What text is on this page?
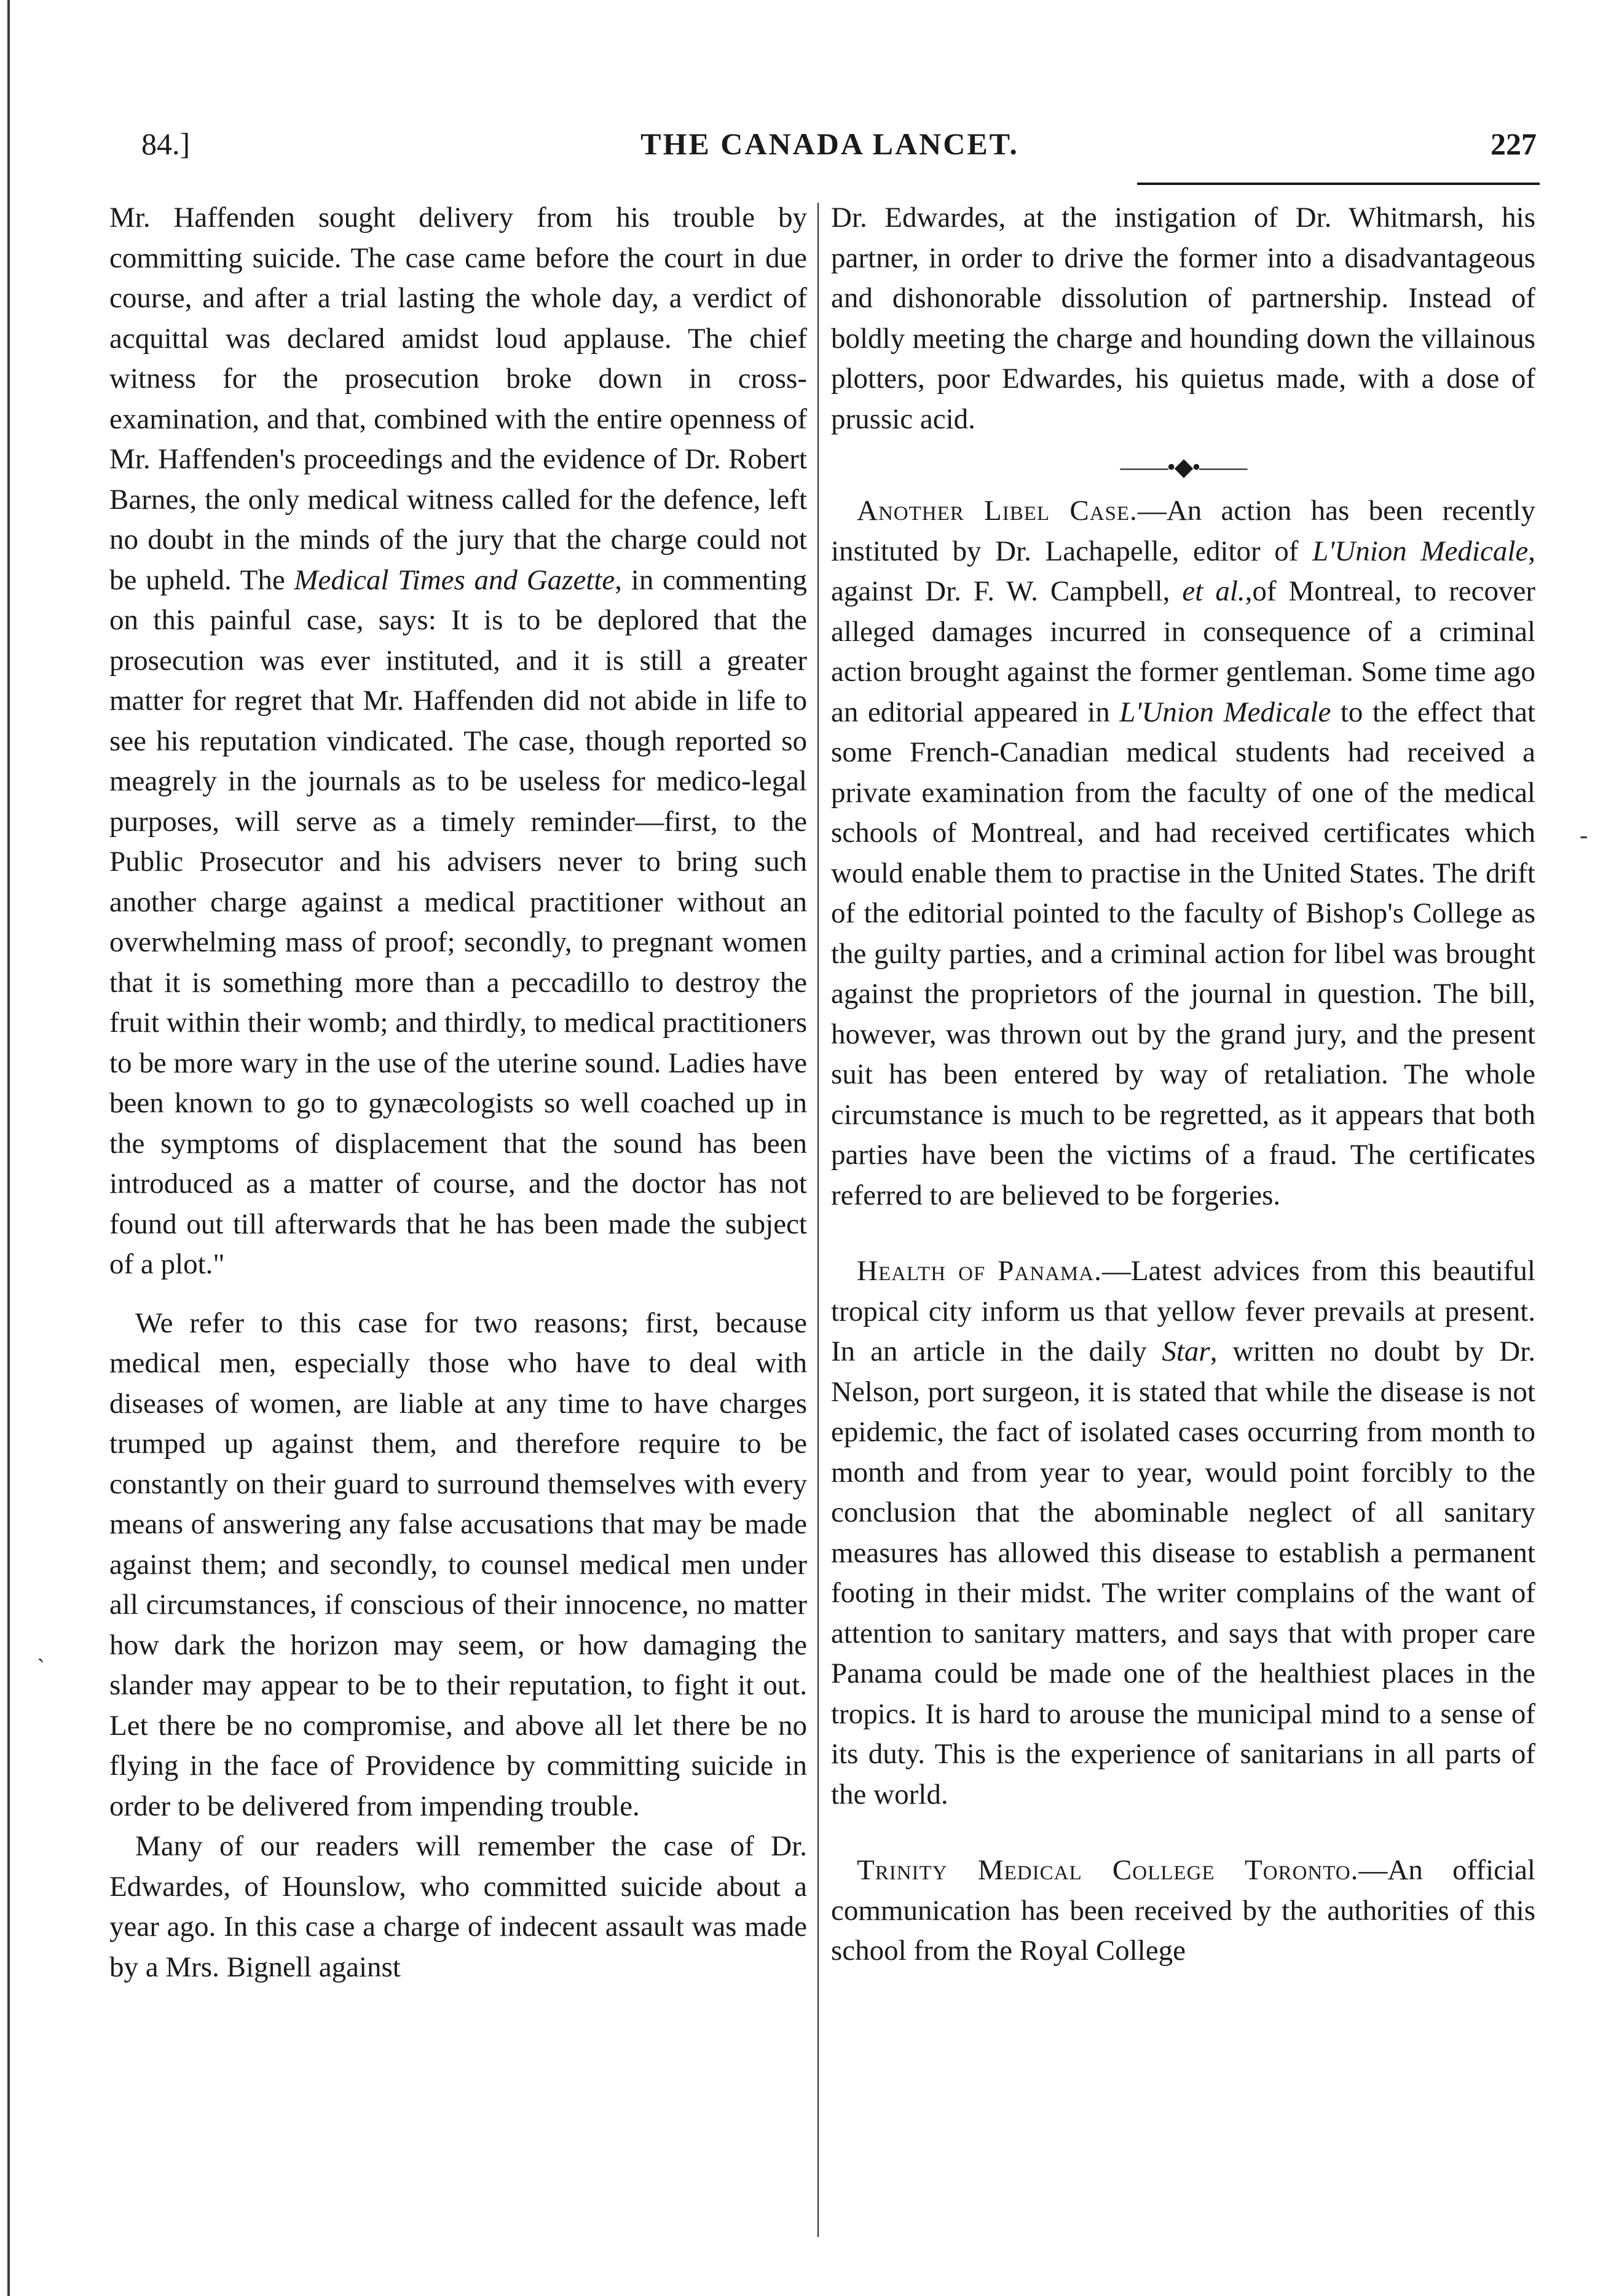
84.]	THE CANADA LANCET.	227

Mr. Haffenden sought delivery from his trouble by committing suicide. The case came before the court in due course, and after a trial lasting the whole day, a verdict of acquittal was declared amidst loud applause. The chief witness for the prosecution broke down in cross-examination, and that, combined with the entire openness of Mr. Haffenden's proceedings and the evidence of Dr. Robert Barnes, the only medical witness called for the defence, left no doubt in the minds of the jury that the charge could not be upheld. The Medical Times and Gazette, in commenting on this painful case, says: It is to be deplored that the prosecution was ever instituted, and it is still a greater matter for regret that Mr. Haffenden did not abide in life to see his reputation vindicated. The case, though reported so meagrely in the journals as to be useless for medico-legal purposes, will serve as a timely reminder—first, to the Public Prosecutor and his advisers never to bring such another charge against a medical practitioner without an overwhelming mass of proof; secondly, to pregnant women that it is something more than a peccadillo to destroy the fruit within their womb; and thirdly, to medical practitioners to be more wary in the use of the uterine sound. Ladies have been known to go to gynæcologists so well coached up in the symptoms of displacement that the sound has been introduced as a matter of course, and the doctor has not found out till afterwards that he has been made the subject of a plot."

We refer to this case for two reasons; first, because medical men, especially those who have to deal with diseases of women, are liable at any time to have charges trumped up against them, and therefore require to be constantly on their guard to surround themselves with every means of answering any false accusations that may be made against them; and secondly, to counsel medical men under all circumstances, if conscious of their innocence, no matter how dark the horizon may seem, or how damaging the slander may appear to be to their reputation, to fight it out. Let there be no compromise, and above all let there be no flying in the face of Providence by committing suicide in order to be delivered from impending trouble.

Many of our readers will remember the case of Dr. Edwardes, of Hounslow, who committed suicide about a year ago. In this case a charge of indecent assault was made by a Mrs. Bignell against

Dr. Edwardes, at the instigation of Dr. Whitmarsh, his partner, in order to drive the former into a disadvantageous and dishonorable dissolution of partnership. Instead of boldly meeting the charge and hounding down the villainous plotters, poor Edwardes, his quietus made, with a dose of prussic acid.

——•◆•——

Another Libel Case.—An action has been recently instituted by Dr. Lachapelle, editor of L'Union Medicale, against Dr. F. W. Campbell, et al.,of Montreal, to recover alleged damages incurred in consequence of a criminal action brought against the former gentleman. Some time ago an editorial appeared in L'Union Medicale to the effect that some French-Canadian medical students had received a private examination from the faculty of one of the medical schools of Montreal, and had received certificates which would enable them to practise in the United States. The drift of the editorial pointed to the faculty of Bishop's College as the guilty parties, and a criminal action for libel was brought against the proprietors of the journal in question. The bill, however, was thrown out by the grand jury, and the present suit has been entered by way of retaliation. The whole circumstance is much to be regretted, as it appears that both parties have been the victims of a fraud. The certificates referred to are believed to be forgeries.

Health of Panama.—Latest advices from this beautiful tropical city inform us that yellow fever prevails at present. In an article in the daily Star, written no doubt by Dr. Nelson, port surgeon, it is stated that while the disease is not epidemic, the fact of isolated cases occurring from month to month and from year to year, would point forcibly to the conclusion that the abominable neglect of all sanitary measures has allowed this disease to establish a permanent footing in their midst. The writer complains of the want of attention to sanitary matters, and says that with proper care Panama could be made one of the healthiest places in the tropics. It is hard to arouse the municipal mind to a sense of its duty. This is the experience of sanitarians in all parts of the world.

Trinity Medical College Toronto.—An official communication has been received by the authorities of this school from the Royal College

-
`
